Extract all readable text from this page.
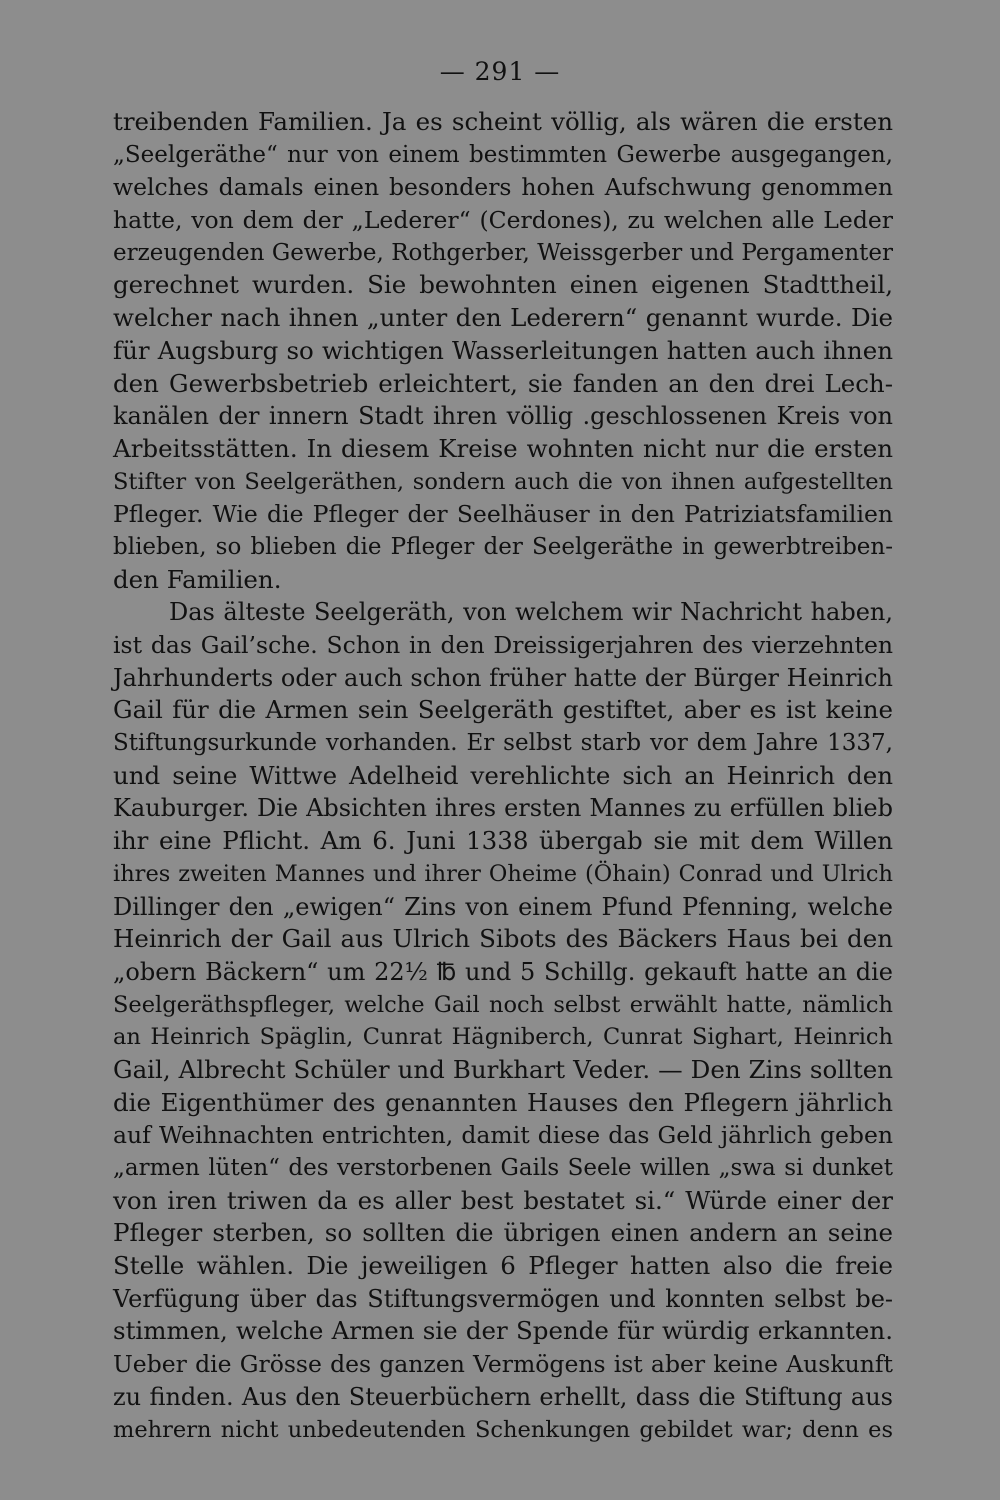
— 291 —
treibenden Familien. Ja es scheint völlig, als wären die ersten
„Seelgeräthe“ nur von einem bestimmten Gewerbe ausgegangen,
welches damals einen besonders hohen Aufschwung genommen
hatte, von dem der „Lederer“ (Cerdones), zu welchen alle Leder
erzeugenden Gewerbe, Rothgerber, Weissgerber und Pergamenter
gerechnet wurden. Sie bewohnten einen eigenen Stadttheil,
welcher nach ihnen „unter den Lederern“ genannt wurde. Die
für Augsburg so wichtigen Wasserleitungen hatten auch ihnen
den Gewerbsbetrieb erleichtert, sie fanden an den drei Lech-
kanälen der innern Stadt ihren völlig .geschlossenen Kreis von
Arbeitsstätten. In diesem Kreise wohnten nicht nur die ersten
Stifter von Seelgeräthen, sondern auch die von ihnen aufgestellten
Pfleger. Wie die Pfleger der Seelhäuser in den Patriziatsfamilien
blieben, so blieben die Pfleger der Seelgeräthe in gewerbtreiben-
den Familien.
Das älteste Seelgeräth, von welchem wir Nachricht haben,
ist das Gail’sche. Schon in den Dreissigerjahren des vierzehnten
Jahrhunderts oder auch schon früher hatte der Bürger Heinrich
Gail für die Armen sein Seelgeräth gestiftet, aber es ist keine
Stiftungsurkunde vorhanden. Er selbst starb vor dem Jahre 1337,
und seine Wittwe Adelheid verehlichte sich an Heinrich den
Kauburger. Die Absichten ihres ersten Mannes zu erfüllen blieb
ihr eine Pflicht. Am 6. Juni 1338 übergab sie mit dem Willen
ihres zweiten Mannes und ihrer Oheime (Öhain) Conrad und Ulrich
Dillinger den „ewigen“ Zins von einem Pfund Pfenning, welche
Heinrich der Gail aus Ulrich Sibots des Bäckers Haus bei den
„obern Bäckern“ um 22½ ℔ und 5 Schillg. gekauft hatte an die
Seelgeräthspfleger, welche Gail noch selbst erwählt hatte, nämlich
an Heinrich Späglin, Cunrat Hägniberch, Cunrat Sighart, Heinrich
Gail, Albrecht Schüler und Burkhart Veder. — Den Zins sollten
die Eigenthümer des genannten Hauses den Pflegern jährlich
auf Weihnachten entrichten, damit diese das Geld jährlich geben
„armen lüten“ des verstorbenen Gails Seele willen „swa si dunket
von iren triwen da es aller best bestatet si.“ Würde einer der
Pfleger sterben, so sollten die übrigen einen andern an seine
Stelle wählen. Die jeweiligen 6 Pfleger hatten also die freie
Verfügung über das Stiftungsvermögen und konnten selbst be-
stimmen, welche Armen sie der Spende für würdig erkannten.
Ueber die Grösse des ganzen Vermögens ist aber keine Auskunft
zu finden. Aus den Steuerbüchern erhellt, dass die Stiftung aus
mehrern nicht unbedeutenden Schenkungen gebildet war; denn es
